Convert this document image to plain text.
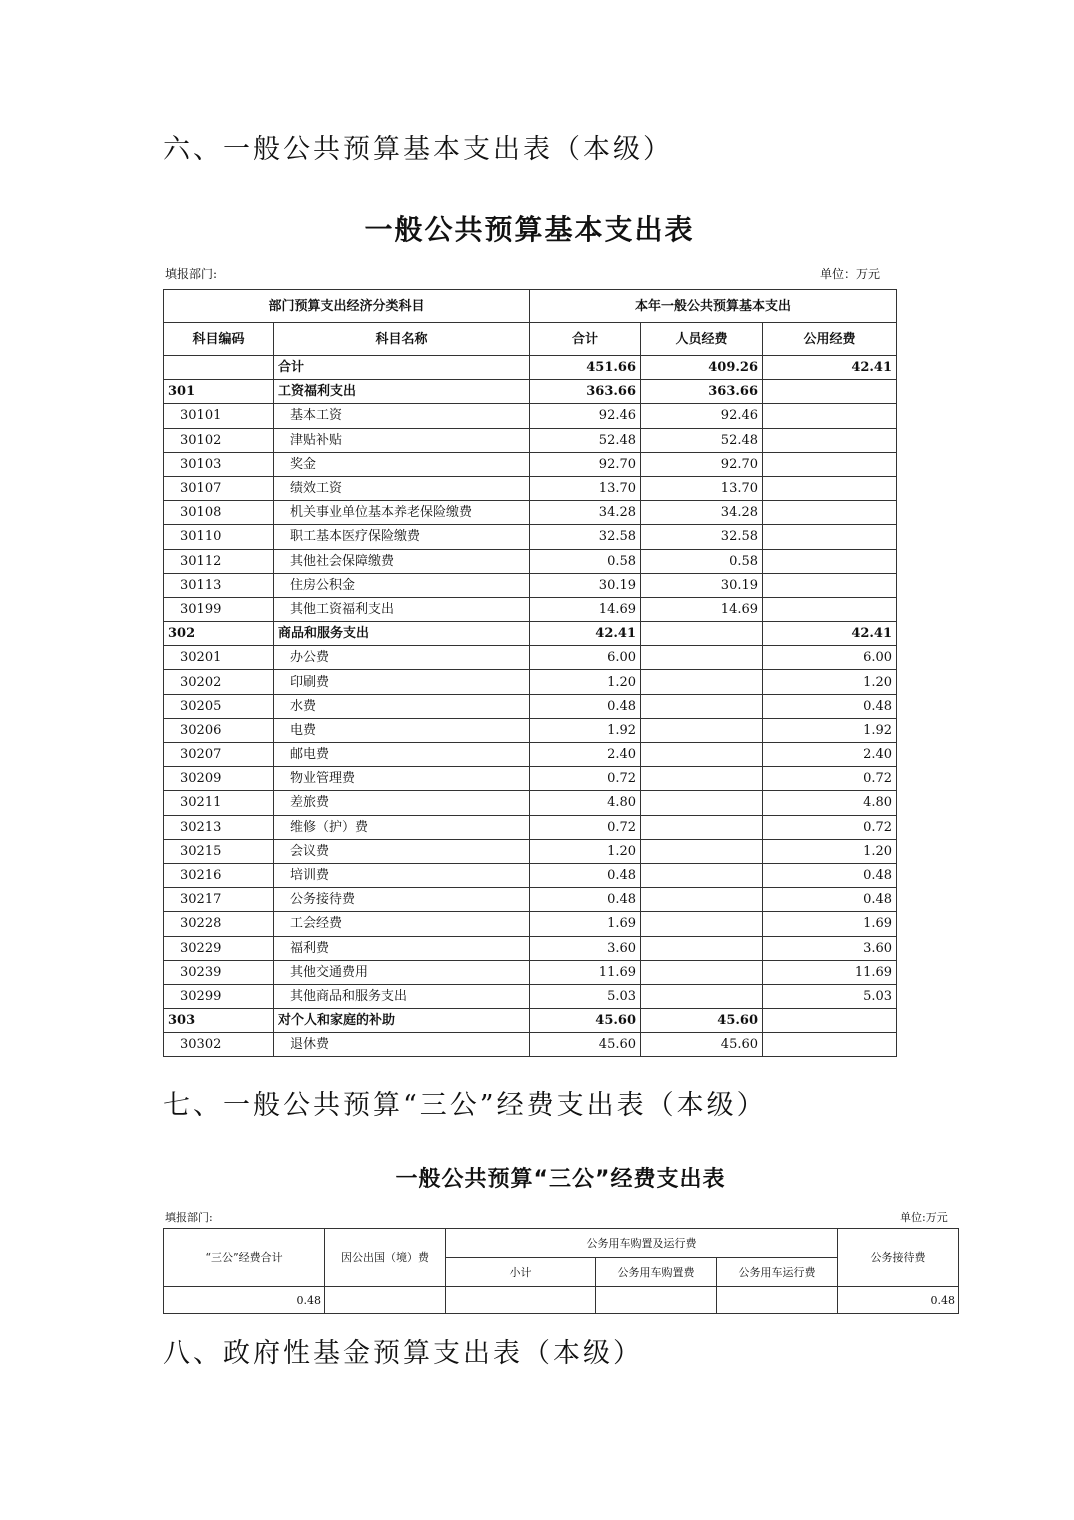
六、一般公共预算基本支出表（本级）
一般公共预算基本支出表
填报部门:	单位：万元
部门预算支出经济分类科目		本年一般公共预算基本支出		
科目编码	科目名称	合计	人员经费	公用经费
	合计	451.66	409.26	42.41
301	工资福利支出	363.66	363.66	
30101	基本工资	92.46	92.46	
30102	津贴补贴	52.48	52.48	
30103	奖金	92.70	92.70	
30107	绩效工资	13.70	13.70	
30108	机关事业单位基本养老保险缴费	34.28	34.28	
30110	职工基本医疗保险缴费	32.58	32.58	
30112	其他社会保障缴费	0.58	0.58	
30113	住房公积金	30.19	30.19	
30199	其他工资福利支出	14.69	14.69	
302	商品和服务支出	42.41		42.41
30201	办公费	6.00		6.00
30202	印刷费	1.20		1.20
30205	水费	0.48		0.48
30206	电费	1.92		1.92
30207	邮电费	2.40		2.40
30209	物业管理费	0.72		0.72
30211	差旅费	4.80		4.80
30213	维修（护）费	0.72		0.72
30215	会议费	1.20		1.20
30216	培训费	0.48		0.48
30217	公务接待费	0.48		0.48
30228	工会经费	1.69		1.69
30229	福利费	3.60		3.60
30239	其他交通费用	11.69		11.69
30299	其他商品和服务支出	5.03		5.03
303	对个人和家庭的补助	45.60	45.60	
30302	退休费	45.60	45.60	
七、一般公共预算“三公”经费支出表（本级）
一般公共预算“三公”经费支出表
填报部门:	单位:万元
“三公”经费合计	因公出国（境）费	公务用车购置及运行费			公务接待费
		小计	公务用车购置费	公务用车运行费	
0.48					0.48
八、政府性基金预算支出表（本级）
